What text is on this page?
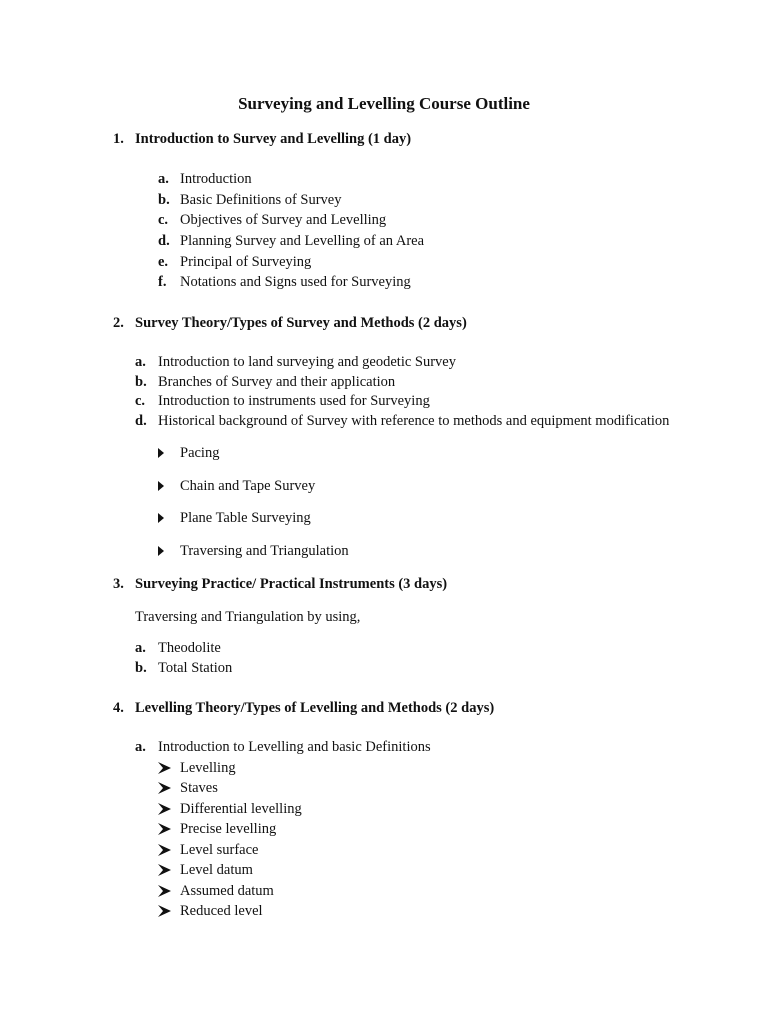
Surveying and Levelling Course Outline
1. Introduction to Survey and Levelling (1 day)
a. Introduction
b. Basic Definitions of Survey
c. Objectives of Survey and Levelling
d. Planning Survey and Levelling of an Area
e. Principal of Surveying
f. Notations and Signs used for Surveying
2. Survey Theory/Types of Survey and Methods (2 days)
a. Introduction to land surveying and geodetic Survey
b. Branches of Survey and their application
c. Introduction to instruments used for Surveying
d. Historical background of Survey with reference to methods and equipment modification
Pacing
Chain and Tape Survey
Plane Table Surveying
Traversing and Triangulation
3. Surveying Practice/ Practical Instruments (3 days)
Traversing and Triangulation by using,
a. Theodolite
b. Total Station
4. Levelling Theory/Types of Levelling and Methods (2 days)
a. Introduction to Levelling and basic Definitions
Levelling
Staves
Differential levelling
Precise levelling
Level surface
Level datum
Assumed datum
Reduced level
